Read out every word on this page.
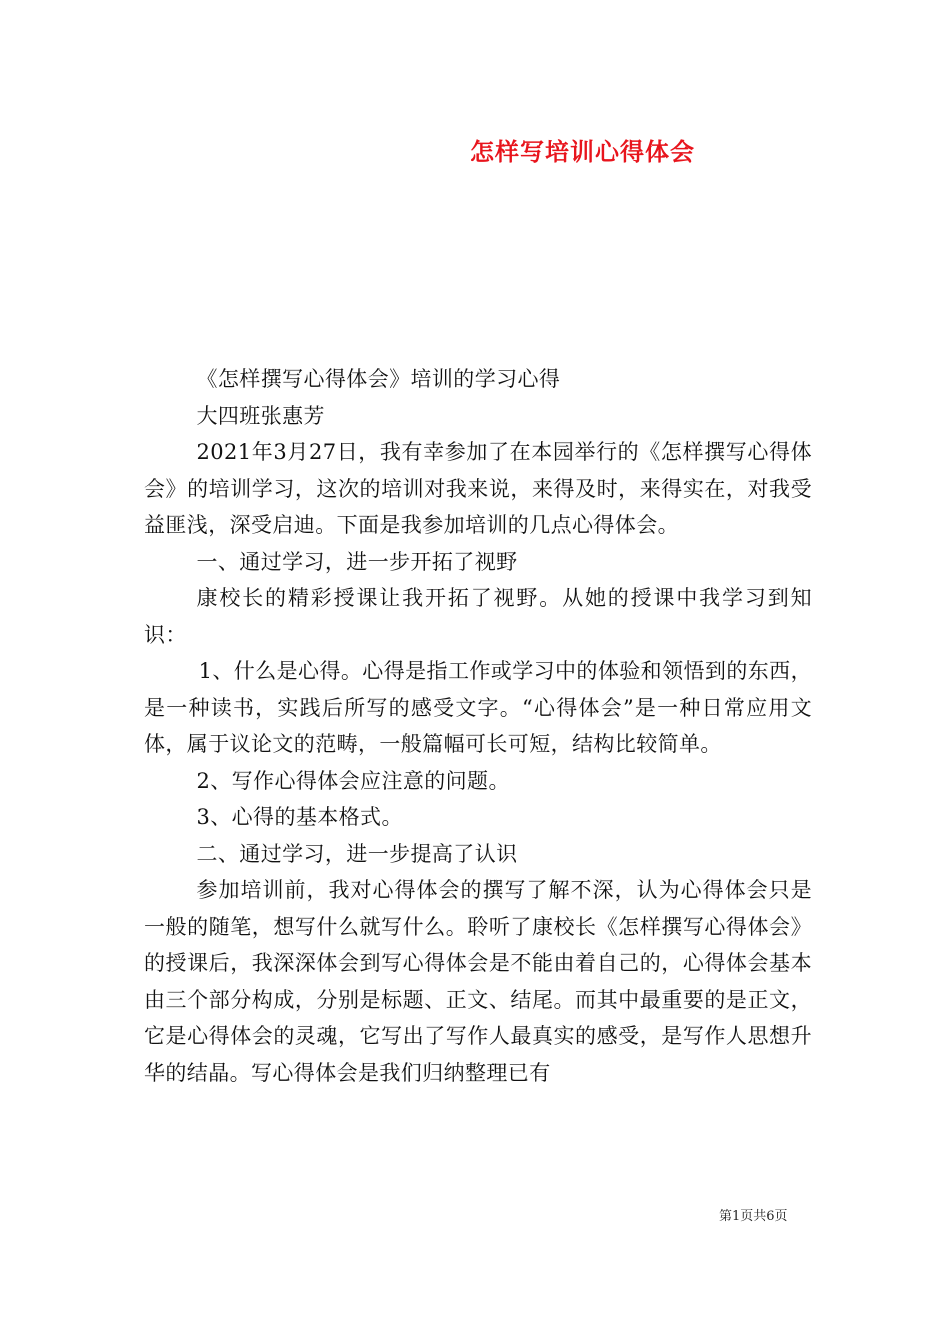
怎样写培训心得体会

《怎样撰写心得体会》培训的学习心得

大四班张惠芳

2021年3月27日，我有幸参加了在本园举行的《怎样撰写心得体会》的培训学习，这次的培训对我来说，来得及时，来得实在，对我受益匪浅，深受启迪。下面是我参加培训的几点心得体会。

一、通过学习，进一步开拓了视野

康校长的精彩授课让我开拓了视野。从她的授课中我学习到知识：

1、什么是心得。心得是指工作或学习中的体验和领悟到的东西，是一种读书，实践后所写的感受文字。“心得体会”是一种日常应用文体，属于议论文的范畴，一般篇幅可长可短，结构比较简单。

2、写作心得体会应注意的问题。

3、心得的基本格式。

二、通过学习，进一步提高了认识

参加培训前，我对心得体会的撰写了解不深，认为心得体会只是一般的随笔，想写什么就写什么。聆听了康校长《怎样撰写心得体会》的授课后，我深深体会到写心得体会是不能由着自己的，心得体会基本由三个部分构成，分别是标题、正文、结尾。而其中最重要的是正文，它是心得体会的灵魂，它写出了写作人最真实的感受，是写作人思想升华的结晶。写心得体会是我们归纳整理已有

第1页共6页
